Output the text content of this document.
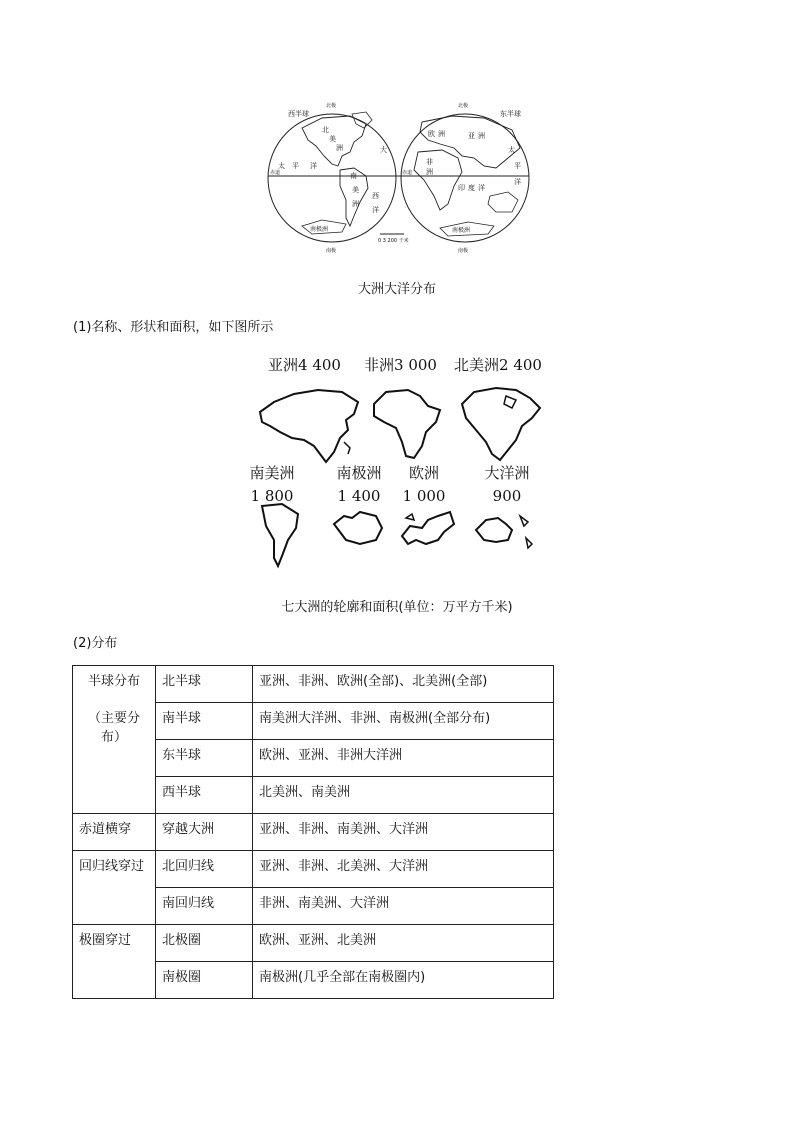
西半球
北极
东半球
北极
北
美
洲
太 平 洋
赤道	南
美
洲
大
西
洋
南极洲
南极
欧 洲	亚 洲
非
洲
太
平
洋
赤道
印 度 洋
南极洲
南极
0 3 200 千米
大洲大洋分布
(1)名称、形状和面积，如下图所示
亚洲4 400 非洲3 000 北美洲2 400
南美洲
1 800
南极洲
1 400
欧洲
1 000
大洋洲
900
七大洲的轮廓和面积(单位：万平方千米)
(2)分布
半球分布
（主要分布）	北半球	亚洲、非洲、欧洲(全部)、北美洲(全部)
	南半球	南美洲大洋洲、非洲、南极洲(全部分布)
	东半球	欧洲、亚洲、非洲大洋洲
	西半球	北美洲、南美洲
赤道横穿	穿越大洲	亚洲、非洲、南美洲、大洋洲
回归线穿过	北回归线	亚洲、非洲、北美洲、大洋洲
	南回归线	非洲、南美洲、大洋洲
极圈穿过	北极圈	欧洲、亚洲、北美洲
	南极圈	南极洲(几乎全部在南极圈内)
